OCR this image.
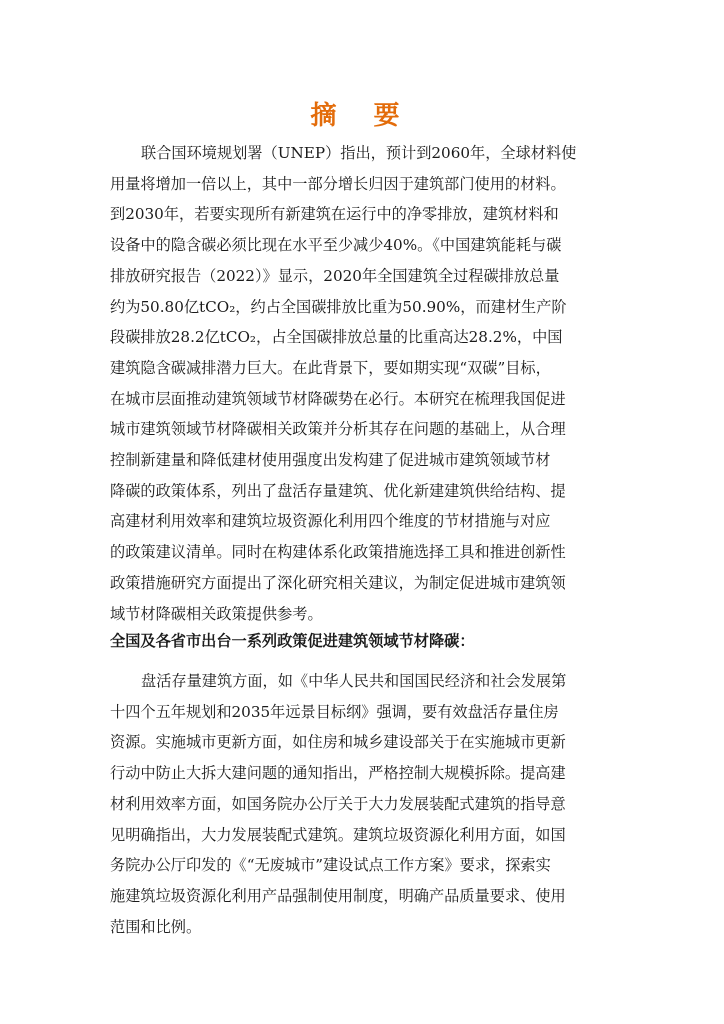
摘 要

联合国环境规划署（UNEP）指出，预计到2060年，全球材料使
用量将增加一倍以上，其中一部分增长归因于建筑部门使用的材料。
到2030年，若要实现所有新建筑在运行中的净零排放，建筑材料和
设备中的隐含碳必须比现在水平至少减少40%。《中国建筑能耗与碳
排放研究报告（2022）》显示，2020年全国建筑全过程碳排放总量
约为50.80亿tCO₂，约占全国碳排放比重为50.90%，而建材生产阶
段碳排放28.2亿tCO₂，占全国碳排放总量的比重高达28.2%，中国
建筑隐含碳减排潜力巨大。在此背景下，要如期实现“双碳”目标，
在城市层面推动建筑领域节材降碳势在必行。本研究在梳理我国促进
城市建筑领域节材降碳相关政策并分析其存在问题的基础上，从合理
控制新建量和降低建材使用强度出发构建了促进城市建筑领域节材
降碳的政策体系，列出了盘活存量建筑、优化新建建筑供给结构、提
高建材利用效率和建筑垃圾资源化利用四个维度的节材措施与对应
的政策建议清单。同时在构建体系化政策措施选择工具和推进创新性
政策措施研究方面提出了深化研究相关建议，为制定促进城市建筑领
域节材降碳相关政策提供参考。

全国及各省市出台一系列政策促进建筑领域节材降碳：

盘活存量建筑方面，如《中华人民共和国国民经济和社会发展第
十四个五年规划和2035年远景目标纲》强调，要有效盘活存量住房
资源。实施城市更新方面，如住房和城乡建设部关于在实施城市更新
行动中防止大拆大建问题的通知指出，严格控制大规模拆除。提高建
材利用效率方面，如国务院办公厅关于大力发展装配式建筑的指导意
见明确指出，大力发展装配式建筑。建筑垃圾资源化利用方面，如国
务院办公厅印发的《“无废城市”建设试点工作方案》要求，探索实
施建筑垃圾资源化利用产品强制使用制度，明确产品质量要求、使用
范围和比例。
